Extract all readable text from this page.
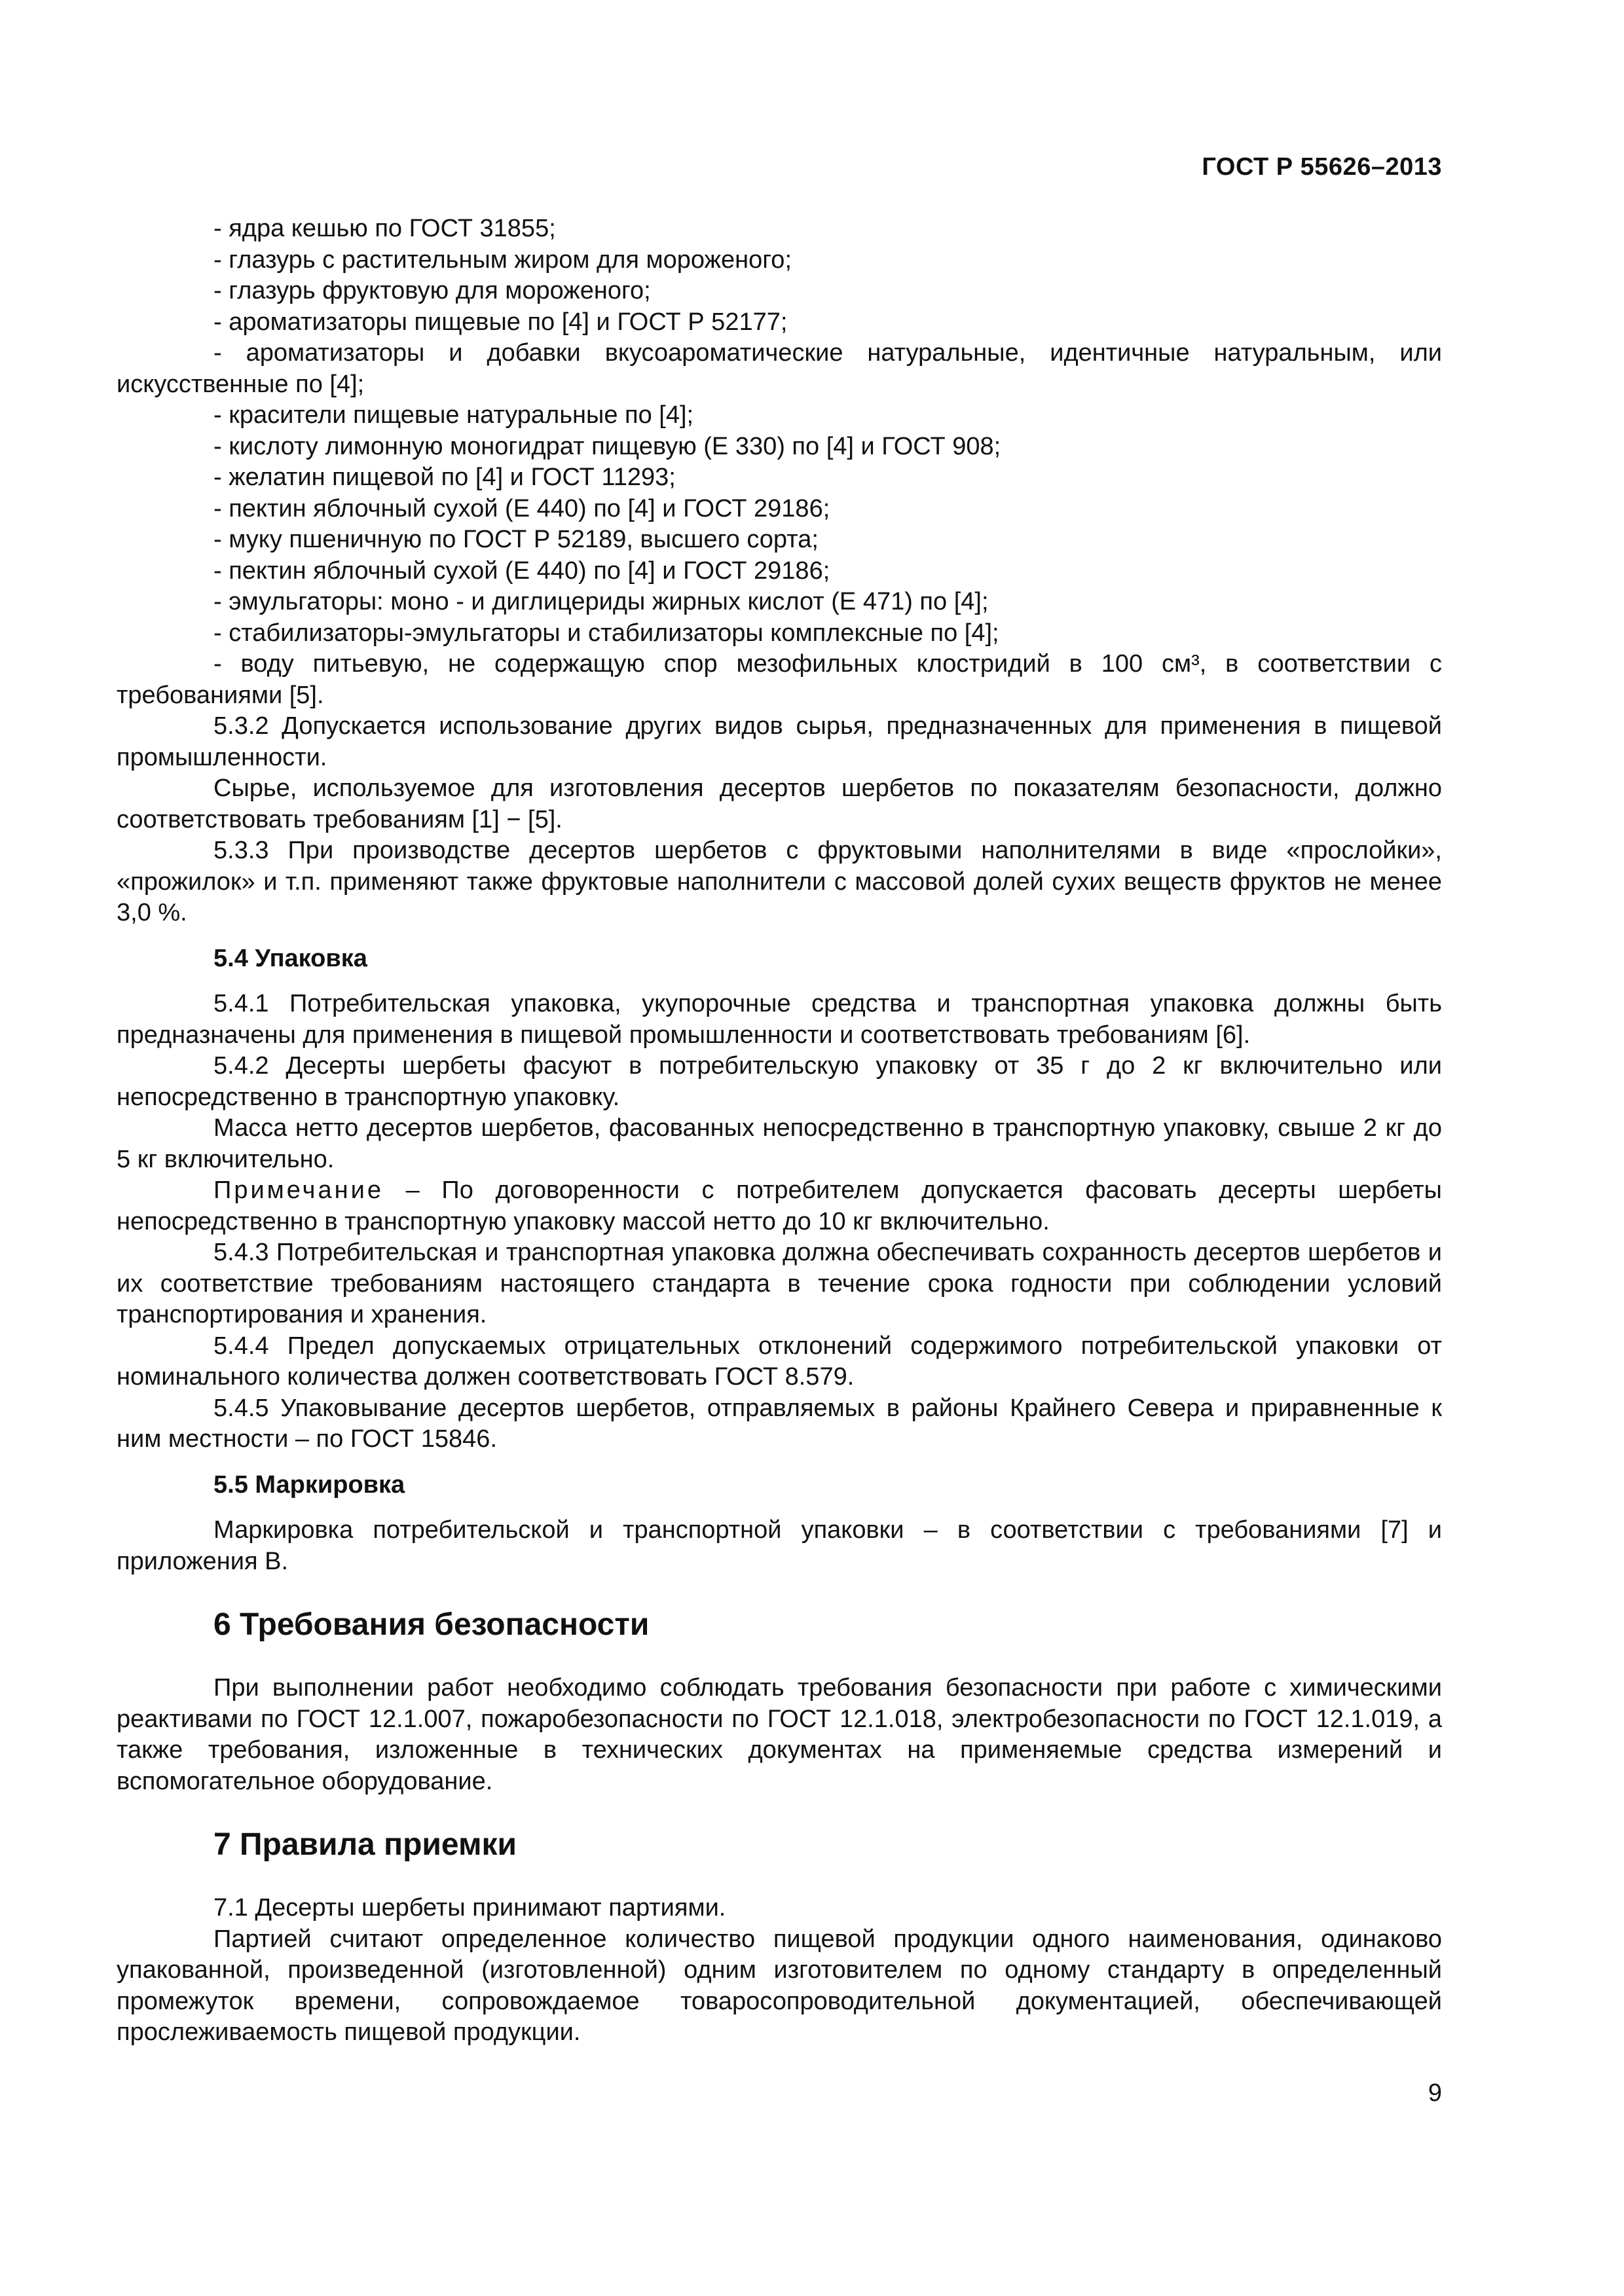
ГОСТ Р 55626–2013

- ядра кешью по ГОСТ 31855;

- глазурь с растительным жиром для мороженого;

- глазурь фруктовую для мороженого;

- ароматизаторы пищевые по [4] и ГОСТ Р 52177;

- ароматизаторы и добавки вкусоароматические натуральные, идентичные натуральным, или искусственные по [4];

- красители пищевые натуральные по [4];

- кислоту лимонную моногидрат пищевую (Е 330) по [4] и ГОСТ 908;

- желатин пищевой по [4] и ГОСТ 11293;

- пектин яблочный сухой (Е 440) по [4] и ГОСТ 29186;

- муку пшеничную по ГОСТ Р 52189, высшего сорта;

- пектин яблочный сухой (Е 440) по [4] и ГОСТ 29186;

- эмульгаторы: моно - и диглицериды жирных кислот (Е 471) по [4];

- стабилизаторы-эмульгаторы и стабилизаторы комплексные по [4];

- воду питьевую, не содержащую спор мезофильных клостридий в 100 см³, в соответствии с требованиями [5].

5.3.2 Допускается использование других видов сырья, предназначенных для применения в пищевой промышленности.

Сырье, используемое для изготовления десертов шербетов по показателям безопасности, должно соответствовать требованиям [1] − [5].

5.3.3 При производстве десертов шербетов с фруктовыми наполнителями в виде «прослойки», «прожилок» и т.п. применяют также фруктовые наполнители с массовой долей сухих веществ фруктов не менее 3,0 %.

5.4 Упаковка

5.4.1 Потребительская упаковка, укупорочные средства и транспортная упаковка должны быть предназначены для применения в пищевой промышленности и соответствовать требованиям [6].

5.4.2 Десерты шербеты фасуют в потребительскую упаковку от 35 г до 2 кг включительно или непосредственно в транспортную упаковку.

Масса нетто десертов шербетов, фасованных непосредственно в транспортную упаковку, свыше 2 кг до 5 кг включительно.

Примечание – По договоренности с потребителем допускается фасовать десерты шербеты непосредственно в транспортную упаковку массой нетто до 10 кг включительно.

5.4.3 Потребительская и транспортная упаковка должна обеспечивать сохранность десертов шербетов и их соответствие требованиям настоящего стандарта в течение срока годности при соблюдении условий транспортирования и хранения.

5.4.4 Предел допускаемых отрицательных отклонений содержимого потребительской упаковки от номинального количества должен соответствовать ГОСТ 8.579.

5.4.5 Упаковывание десертов шербетов, отправляемых в районы Крайнего Севера и приравненные к ним местности – по ГОСТ 15846.

5.5 Маркировка

Маркировка потребительской и транспортной упаковки – в соответствии с требованиями [7] и приложения В.

6 Требования безопасности

При выполнении работ необходимо соблюдать требования безопасности при работе с химическими реактивами по ГОСТ 12.1.007, пожаробезопасности по ГОСТ 12.1.018, электробезопасности по ГОСТ 12.1.019, а также требования, изложенные в технических документах на применяемые средства измерений и вспомогательное оборудование.

7 Правила приемки

7.1 Десерты шербеты принимают партиями.

Партией считают определенное количество пищевой продукции одного наименования, одинаково упакованной, произведенной (изготовленной) одним изготовителем по одному стандарту в определенный промежуток времени, сопровождаемое товаросопроводительной документацией, обеспечивающей прослеживаемость пищевой продукции.

9
